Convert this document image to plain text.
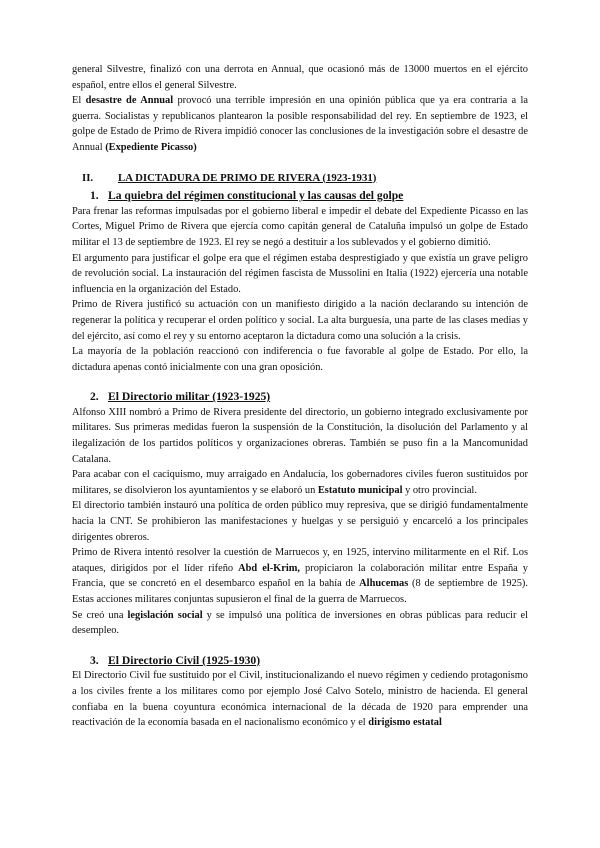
general Silvestre, finalizó con una derrota en Annual, que ocasionó más de 13000 muertos en el ejército español, entre ellos el general Silvestre.

El desastre de Annual provocó una terrible impresión en una opinión pública que ya era contraria a la guerra. Socialistas y republicanos plantearon la posible responsabilidad del rey. En septiembre de 1923, el golpe de Estado de Primo de Rivera impidió conocer las conclusiones de la investigación sobre el desastre de Annual (Expediente Picasso)

II. LA DICTADURA DE PRIMO DE RIVERA (1923-1931)
1. La quiebra del régimen constitucional y las causas del golpe

Para frenar las reformas impulsadas por el gobierno liberal e impedir el debate del Expediente Picasso en las Cortes, Miguel Primo de Rivera que ejercía como capitán general de Cataluña impulsó un golpe de Estado militar el 13 de septiembre de 1923. El rey se negó a destituir a los sublevados y el gobierno dimitió.

El argumento para justificar el golpe era que el régimen estaba desprestigiado y que existía un grave peligro de revolución social. La instauración del régimen fascista de Mussolini en Italia (1922) ejercería una notable influencia en la organización del Estado.

Primo de Rivera justificó su actuación con un manifiesto dirigido a la nación declarando su intención de regenerar la política y recuperar el orden político y social. La alta burguesía, una parte de las clases medias y del ejército, así como el rey y su entorno aceptaron la dictadura como una solución a la crisis.

La mayoría de la población reaccionó con indiferencia o fue favorable al golpe de Estado. Por ello, la dictadura apenas contó inicialmente con una gran oposición.

2. El Directorio militar (1923-1925)

Alfonso XIII nombró a Primo de Rivera presidente del directorio, un gobierno integrado exclusivamente por militares. Sus primeras medidas fueron la suspensión de la Constitución, la disolución del Parlamento y al ilegalización de los partidos políticos y organizaciones obreras. También se puso fin a la Mancomunidad Catalana.

Para acabar con el caciquismo, muy arraigado en Andalucía, los gobernadores civiles fueron sustituidos por militares, se disolvieron los ayuntamientos y se elaboró un Estatuto municipal y otro provincial.

El directorio también instauró una política de orden público muy represiva, que se dirigió fundamentalmente hacia la CNT. Se prohibieron las manifestaciones y huelgas y se persiguió y encarceló a los principales dirigentes obreros.

Primo de Rivera intentó resolver la cuestión de Marruecos y, en 1925, intervino militarmente en el Rif. Los ataques, dirigidos por el líder rifeño Abd el-Krim, propiciaron la colaboración militar entre España y Francia, que se concretó en el desembarco español en la bahía de Alhucemas (8 de septiembre de 1925). Estas acciones militares conjuntas supusieron el final de la guerra de Marruecos.

Se creó una legislación social y se impulsó una política de inversiones en obras públicas para reducir el desempleo.

3. El Directorio Civil (1925-1930)

El Directorio Civil fue sustituido por el Civil, institucionalizando el nuevo régimen y cediendo protagonismo a los civiles frente a los militares como por ejemplo José Calvo Sotelo, ministro de hacienda. El general confiaba en la buena coyuntura económica internacional de la década de 1920 para emprender una reactivación de la economía basada en el nacionalismo económico y el dirigismo estatal
